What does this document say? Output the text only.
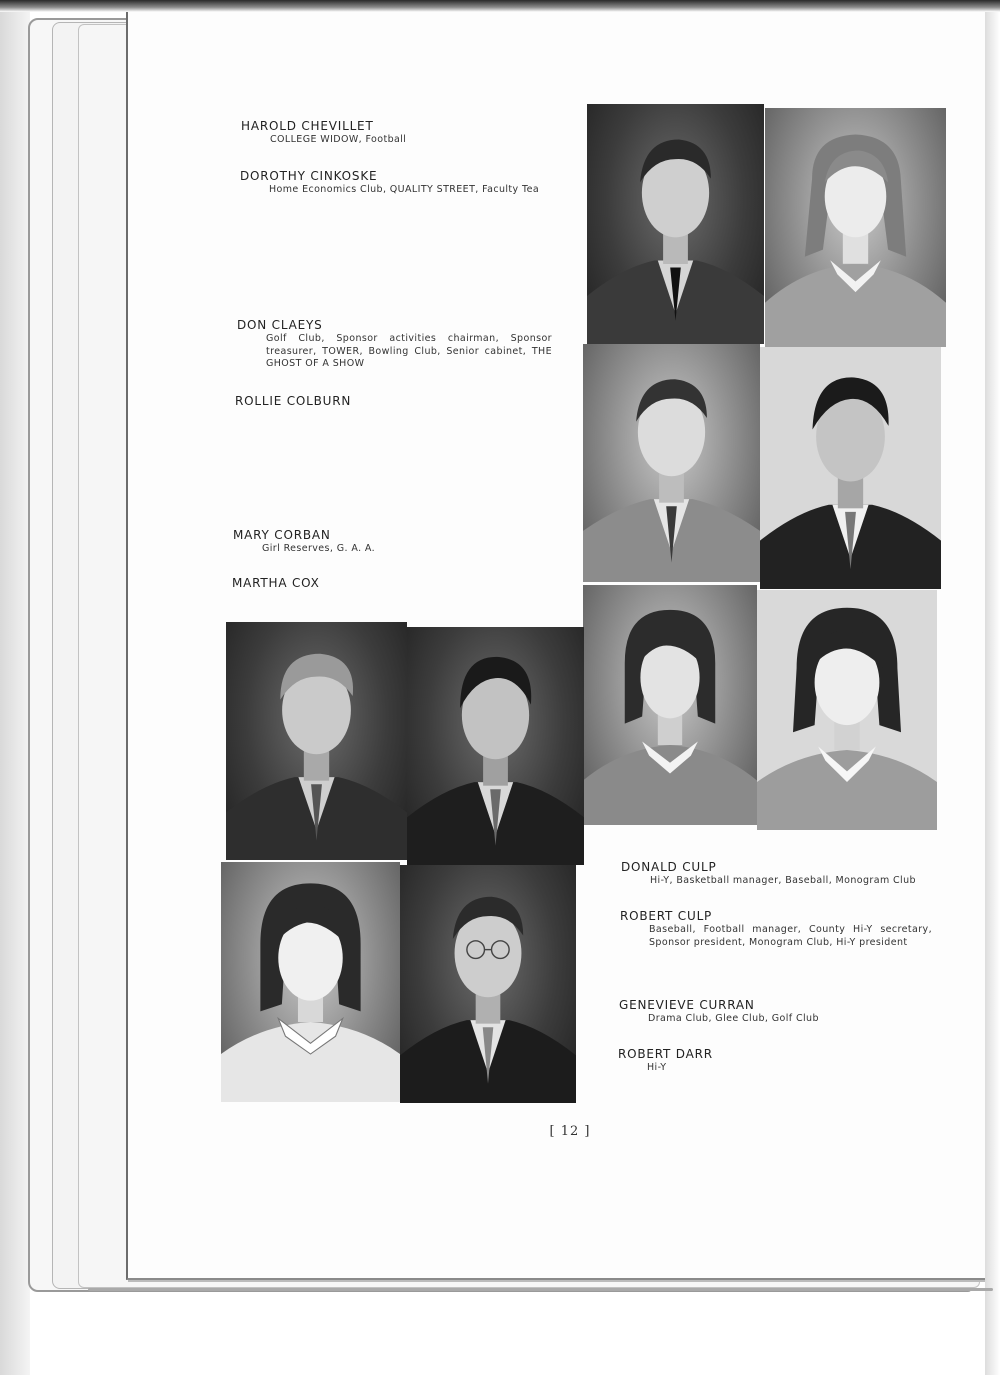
HAROLD CHEVILLET
COLLEGE WIDOW, Football
DOROTHY CINKOSKE
Home Economics Club, QUALITY STREET, Faculty Tea
DON CLAEYS
Golf Club, Sponsor activities chairman, Sponsor treasurer, TOWER, Bowling Club, Senior cabinet, THE GHOST OF A SHOW
ROLLIE COLBURN
MARY CORBAN
Girl Reserves, G. A. A.
MARTHA COX
DONALD CULP
Hi-Y, Basketball manager, Baseball, Monogram Club
ROBERT CULP
Baseball, Football manager, County Hi-Y secretary, Sponsor president, Monogram Club, Hi-Y president
GENEVIEVE CURRAN
Drama Club, Glee Club, Golf Club
ROBERT DARR
Hi-Y
[ 12 ]
